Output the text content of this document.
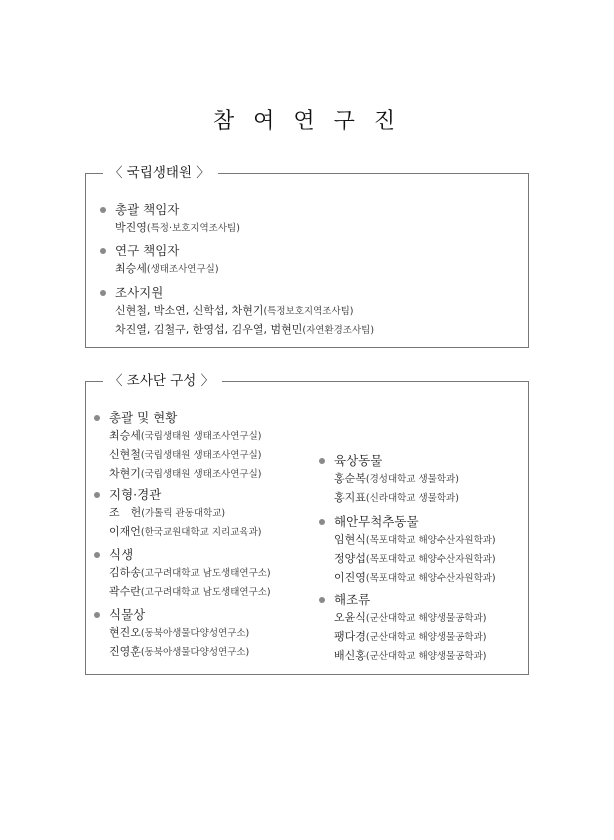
참 여 연 구 진
〈 국립생태원 〉
총괄 책임자
박진영(특정·보호지역조사팀)
연구 책임자
최승세(생태조사연구실)
조사지원
신현철, 박소연, 신학섭, 차현기(특정보호지역조사팀)
차진열, 김철구, 한영섭, 김우열, 범현민(자연환경조사팀)
〈 조사단 구성 〉
총괄 및 현황
최승세(국립생태원 생태조사연구실)
신현철(국립생태원 생태조사연구실)
차현기(국립생태원 생태조사연구실)
지형·경관
조　헌(가톨릭 관동대학교)
이재언(한국교원대학교 지리교육과)
식생
김하송(고구려대학교 남도생태연구소)
곽수란(고구려대학교 남도생태연구소)
식물상
현진오(동북아생물다양성연구소)
진영훈(동북아생물다양성연구소)
육상동물
홍순복(경성대학교 생물학과)
홍지표(신라대학교 생물학과)
해안무척추동물
임현식(목포대학교 해양수산자원학과)
정양섭(목포대학교 해양수산자원학과)
이진영(목포대학교 해양수산자원학과)
해조류
오윤식(군산대학교 해양생물공학과)
팽다경(군산대학교 해양생물공학과)
배신홍(군산대학교 해양생물공학과)
